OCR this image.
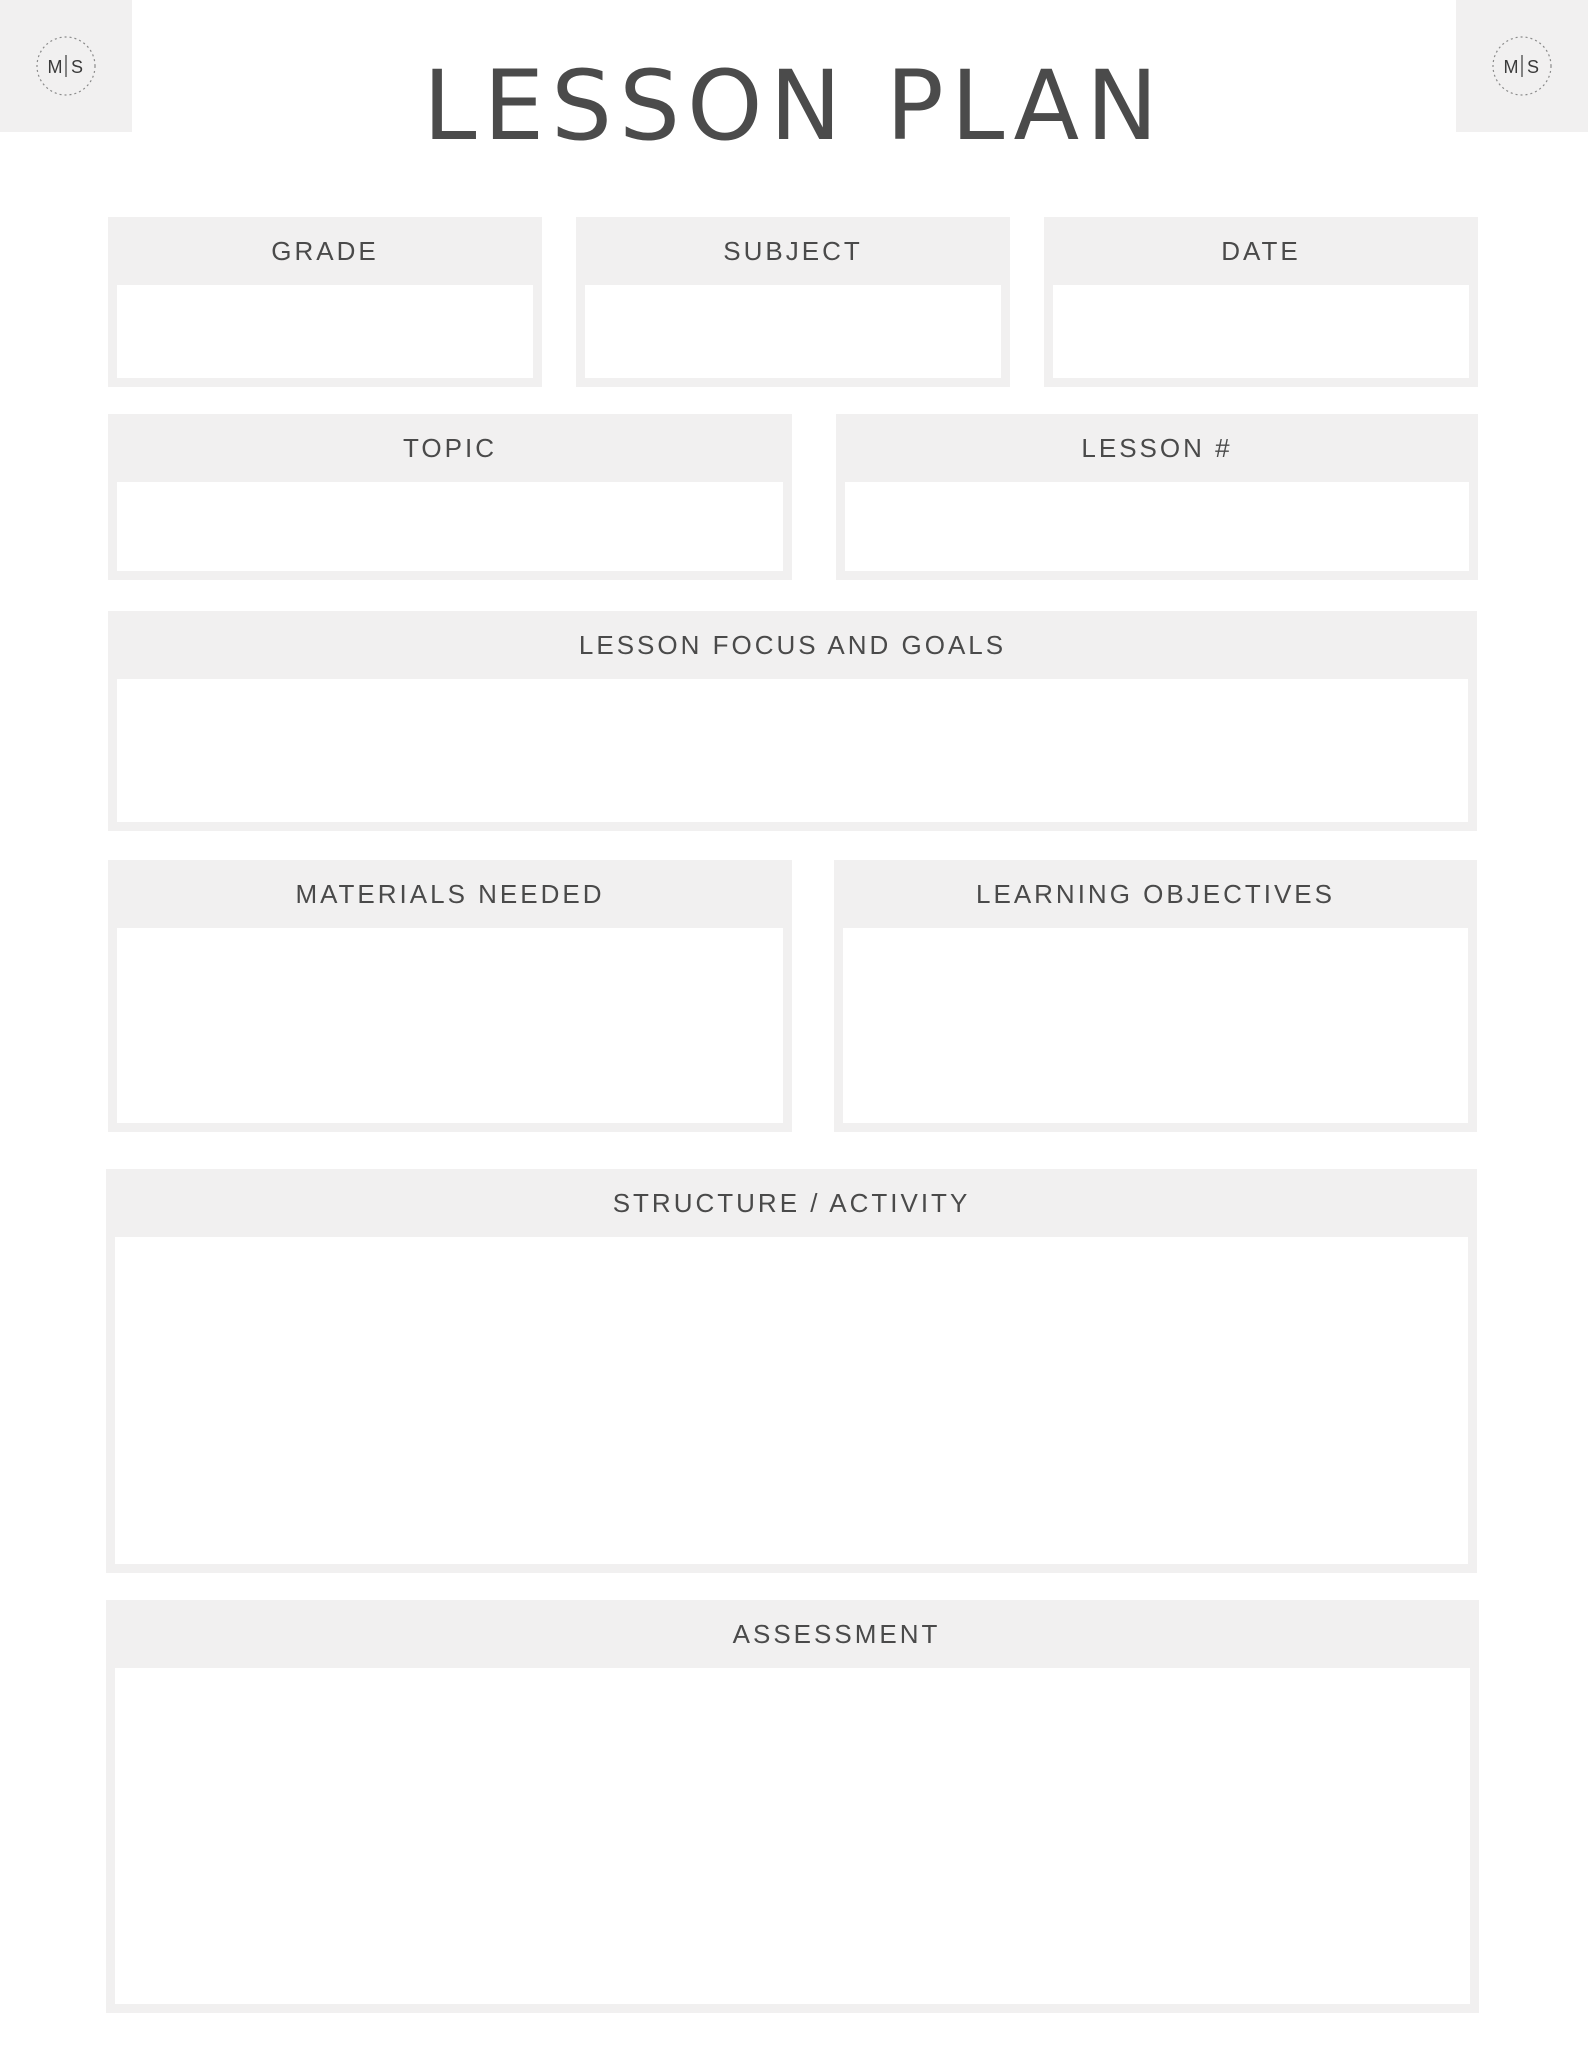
M S	M S
LESSON PLAN
GRADE	SUBJECT	DATE
TOPIC	LESSON #
LESSON FOCUS AND GOALS
MATERIALS NEEDED	LEARNING OBJECTIVES
STRUCTURE / ACTIVITY
ASSESSMENT
